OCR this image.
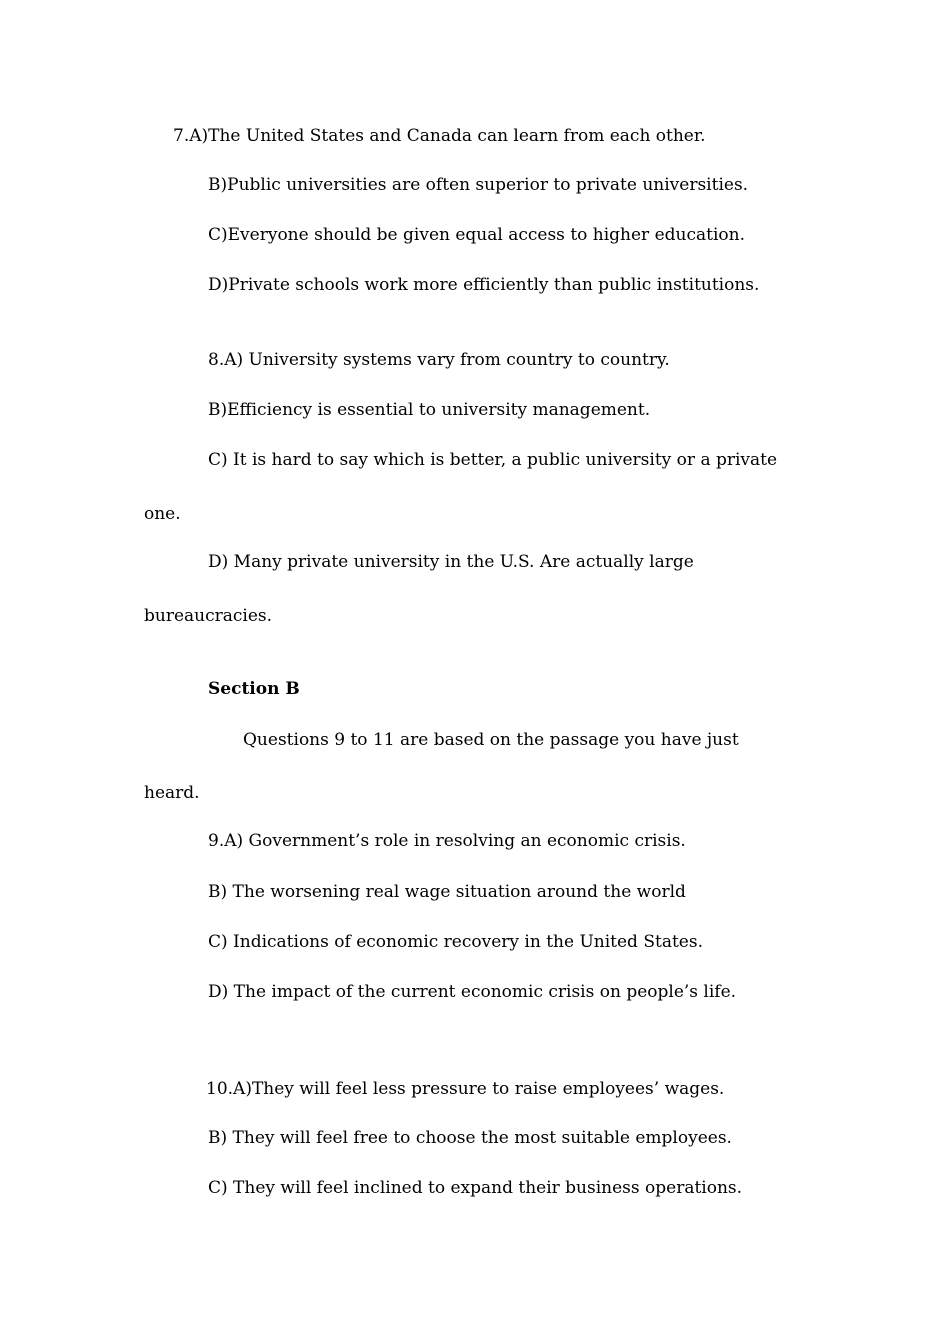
7.A)The United States and Canada can learn from each other.
B)Public universities are often superior to private universities.
C)Everyone should be given equal access to higher education.
D)Private schools work more efficiently than public institutions.
8.A) University systems vary from country to country.
B)Efficiency is essential to university management.
C) It is hard to say which is better, a public university or a private
one.
D) Many private university in the U.S. Are actually large
bureaucracies.
Section B
Questions 9 to 11 are based on the passage you have just
heard.
9.A) Government’s role in resolving an economic crisis.
B) The worsening real wage situation around the world
C) Indications of economic recovery in the United States.
D) The impact of the current economic crisis on people’s life.
10.A)They will feel less pressure to raise employees’ wages.
B) They will feel free to choose the most suitable employees.
C) They will feel inclined to expand their business operations.
